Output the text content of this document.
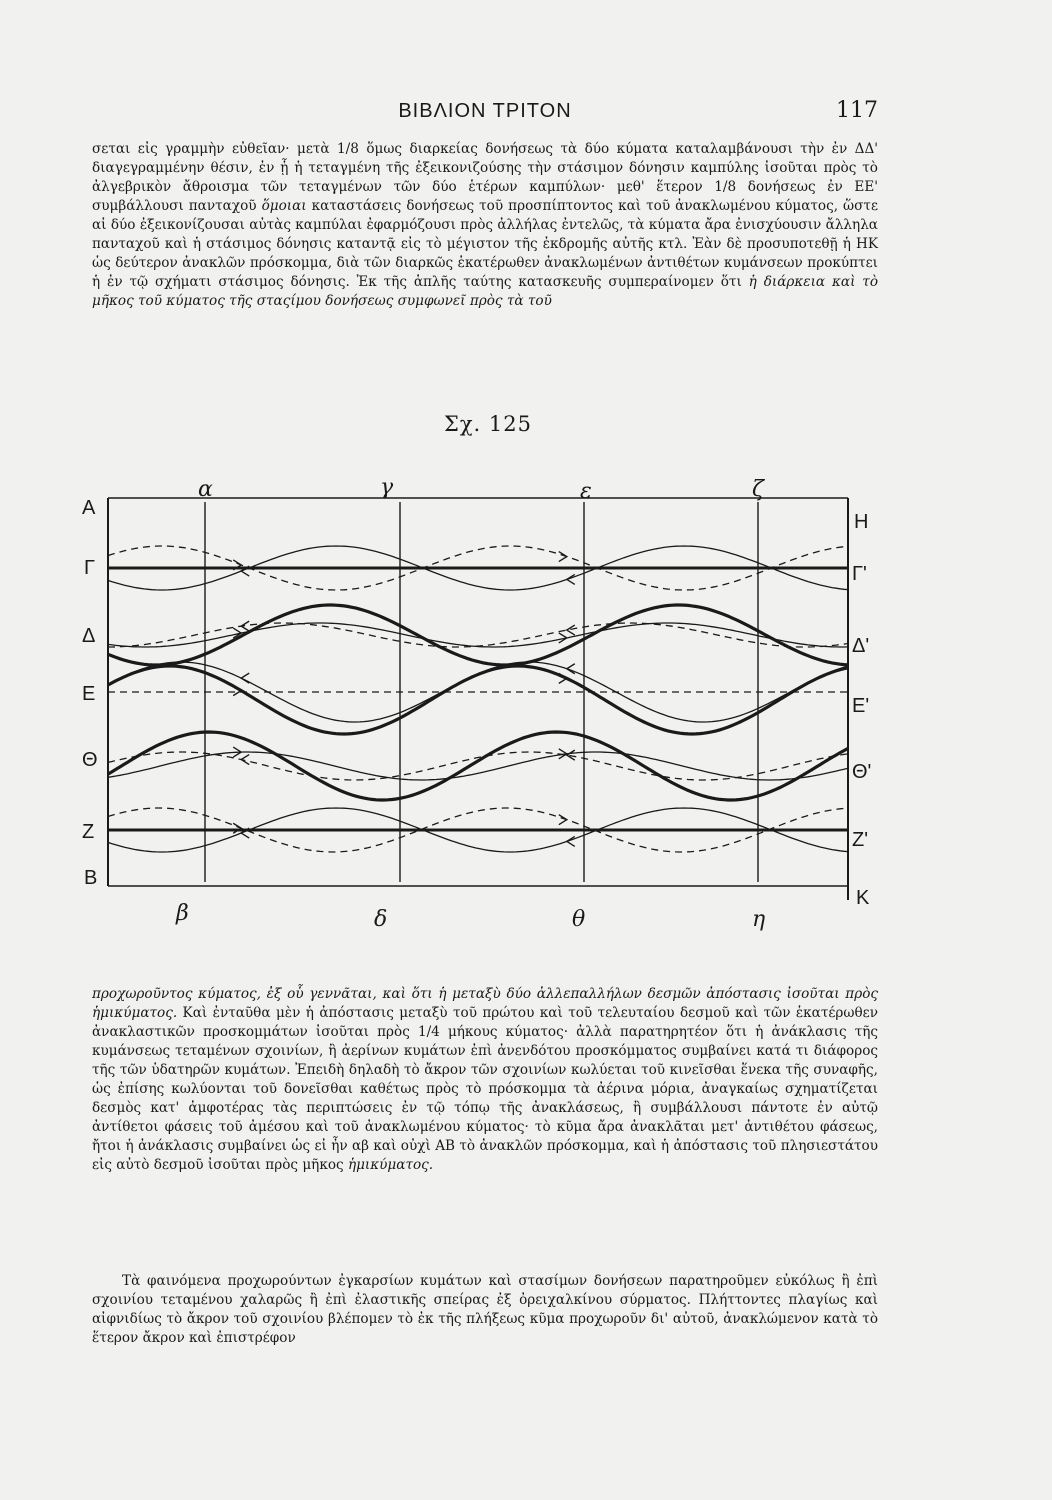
ΒΙΒΛΙΟΝ ΤΡΙΤΟΝ	117

σεται εἰς γραμμὴν εὐθεῖαν· μετὰ 1/8 ὅμως διαρκείας δονήσεως τὰ δύο κύματα καταλαμβάνουσι τὴν ἐν ΔΔ' διαγεγραμμένην θέσιν, ἐν ᾗ ἡ τεταγμένη τῆς ἐξεικονιζούσης τὴν στάσιμον δόνησιν καμπύλης ἰσοῦται πρὸς τὸ ἀλγεβρικὸν ἄθροισμα τῶν τεταγμένων τῶν δύο ἑτέρων καμπύλων· μεθ' ἕτερον 1/8 δονήσεως ἐν ΕΕ' συμβάλλουσι πανταχοῦ ὅμοιαι καταστάσεις δονήσεως τοῦ προσπίπτοντος καὶ τοῦ ἀνακλωμένου κύματος, ὥστε αἱ δύο ἐξεικονίζουσαι αὐτὰς καμπύλαι ἐφαρμόζουσι πρὸς ἀλλήλας ἐντελῶς, τὰ κύματα ἄρα ἐνισχύουσιν ἄλληλα πανταχοῦ καὶ ἡ στάσιμος δόνησις καταντᾷ εἰς τὸ μέγιστον τῆς ἐκδρομῆς αὐτῆς κτλ. Ἐὰν δὲ προσυποτεθῇ ἡ ΗΚ ὡς δεύτερον ἀνακλῶν πρόσκομμα, διὰ τῶν διαρκῶς ἑκατέρωθεν ἀνακλωμένων ἀντιθέτων κυμάνσεων προκύπτει ἡ ἐν τῷ σχήματι στάσιμος δόνησις. Ἐκ τῆς ἁπλῆς ταύτης κατασκευῆς συμπεραίνομεν ὅτι ἡ διάρκεια καὶ τὸ μῆκος τοῦ κύματος τῆς σταςίμου δονήσεως συμφωνεῖ πρὸς τὰ τοῦ

Σχ. 125
α	γ	ε	ζ
β	δ	θ	η
Α
Γ
Δ
Ε
Θ
Ζ
Β
Η
Γ'
Δ'
Ε'
Θ'
Ζ'
Κ

προχωροῦντος κύματος, ἐξ οὗ γεννᾶται, καὶ ὅτι ἡ μεταξὺ δύο ἀλλεπαλλήλων δεσμῶν ἀπόστασις ἰσοῦται πρὸς ἡμικύματος. Καὶ ἐνταῦθα μὲν ἡ ἀπόστασις μεταξὺ τοῦ πρώτου καὶ τοῦ τελευταίου δεσμοῦ καὶ τῶν ἑκατέρωθεν ἀνακλαστικῶν προσκομμάτων ἰσοῦται πρὸς 1/4 μήκους κύματος· ἀλλὰ παρατηρητέον ὅτι ἡ ἀνάκλασις τῆς κυμάνσεως τεταμένων σχοινίων, ἢ ἀερίνων κυμάτων ἐπὶ ἀνενδότου προσκόμματος συμβαίνει κατά τι διάφορος τῆς τῶν ὑδατηρῶν κυμάτων. Ἐπειδὴ δηλαδὴ τὸ ἄκρον τῶν σχοινίων κωλύεται τοῦ κινεῖσθαι ἕνεκα τῆς συναφῆς, ὡς ἐπίσης κωλύονται τοῦ δονεῖσθαι καθέτως πρὸς τὸ πρόσκομμα τὰ ἀέρινα μόρια, ἀναγκαίως σχηματίζεται δεσμὸς κατ' ἀμφοτέρας τὰς περιπτώσεις ἐν τῷ τόπῳ τῆς ἀνακλάσεως, ἢ συμβάλλουσι πάντοτε ἐν αὐτῷ ἀντίθετοι φάσεις τοῦ ἀμέσου καὶ τοῦ ἀνακλωμένου κύματος· τὸ κῦμα ἄρα ἀνακλᾶται μετ' ἀντιθέτου φάσεως, ἤτοι ἡ ἀνάκλασις συμβαίνει ὡς εἰ ἦν αβ καὶ οὐχὶ ΑΒ τὸ ἀνακλῶν πρόσκομμα, καὶ ἡ ἀπόστασις τοῦ πλησιεστάτου εἰς αὐτὸ δεσμοῦ ἰσοῦται πρὸς μῆκος ἡμικύματος.

Τὰ φαινόμενα προχωρούντων ἐγκαρσίων κυμάτων καὶ στασίμων δονήσεων παρατηροῦμεν εὐκόλως ἢ ἐπὶ σχοινίου τεταμένου χαλαρῶς ἢ ἐπὶ ἐλαστικῆς σπείρας ἐξ ὀρειχαλκίνου σύρματος. Πλήττοντες πλαγίως καὶ αἰφνιδίως τὸ ἄκρον τοῦ σχοινίου βλέπομεν τὸ ἐκ τῆς πλήξεως κῦμα προχωροῦν δι' αὐτοῦ, ἀνακλώμενον κατὰ τὸ ἕτερον ἄκρον καὶ ἐπιστρέφον
